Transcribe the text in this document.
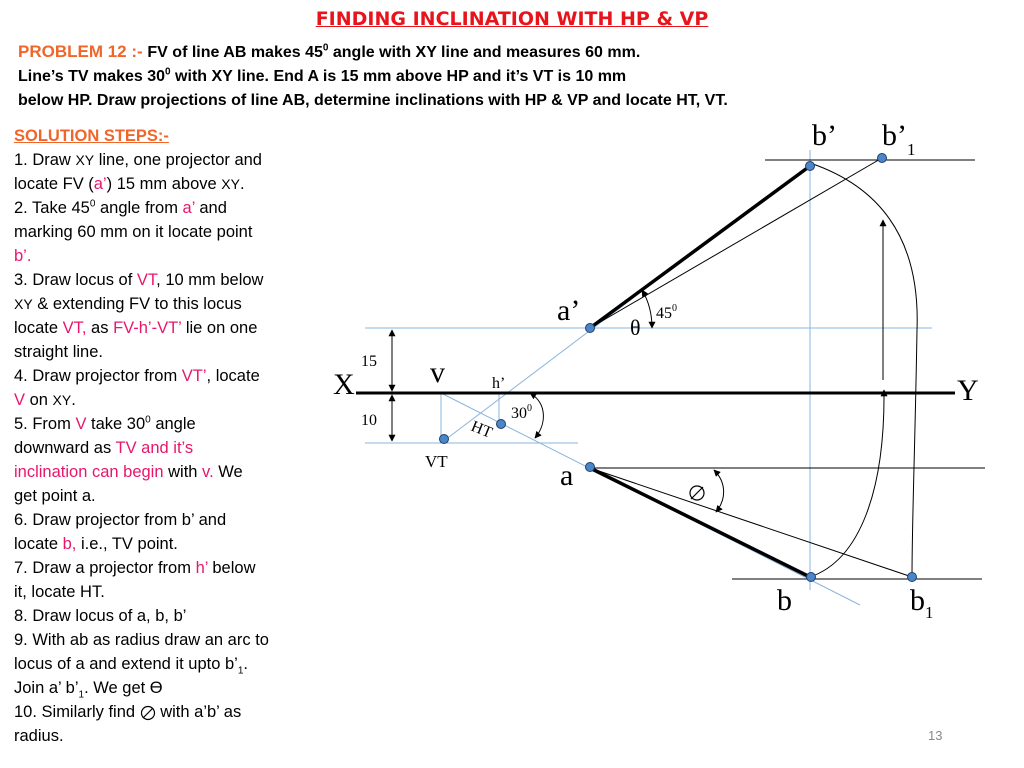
FINDING INCLINATION WITH HP & VP
PROBLEM 12 :- FV of line AB makes $45^0$ angle with XY line and measures 60 mm.
Line’s TV makes $30^0$ with XY line. End A is 15 mm above HP and it’s VT is 10 mm
below HP. Draw projections of line AB, determine inclinations with HP & VP and locate HT, VT.
SOLUTION STEPS:-
1. Draw XY line, one projector and
locate FV (a’) 15 mm above XY.
2. Take $45^0$ angle from a’ and
marking 60 mm on it locate point
b’.
3. Draw locus of VT, 10 mm below
XY & extending FV to this locus
locate VT, as FV-h’-VT’ lie on one
straight line.
4. Draw projector from VT’, locate
V on XY.
5. From V take $30^0$ angle
downward as TV and it’s
inclination can begin with v. We
get point a.
6. Draw projector from b’ and
locate b, i.e., TV point.
7. Draw a projector from h’ below
it, locate HT.
8. Draw locus of a, b, b’
9. With ab as radius draw an arc to
locus of a and extend it upto $b’_1$.
Join a’ $b’_1$. We get ϴ
10. Similarly find  with a’b’ as
radius.
b’ $b’_1$
a’	$45^0$
θ
15
10
v	h’
X	Y
$30^0$
HT
VT	a
b	$b_1$
13
